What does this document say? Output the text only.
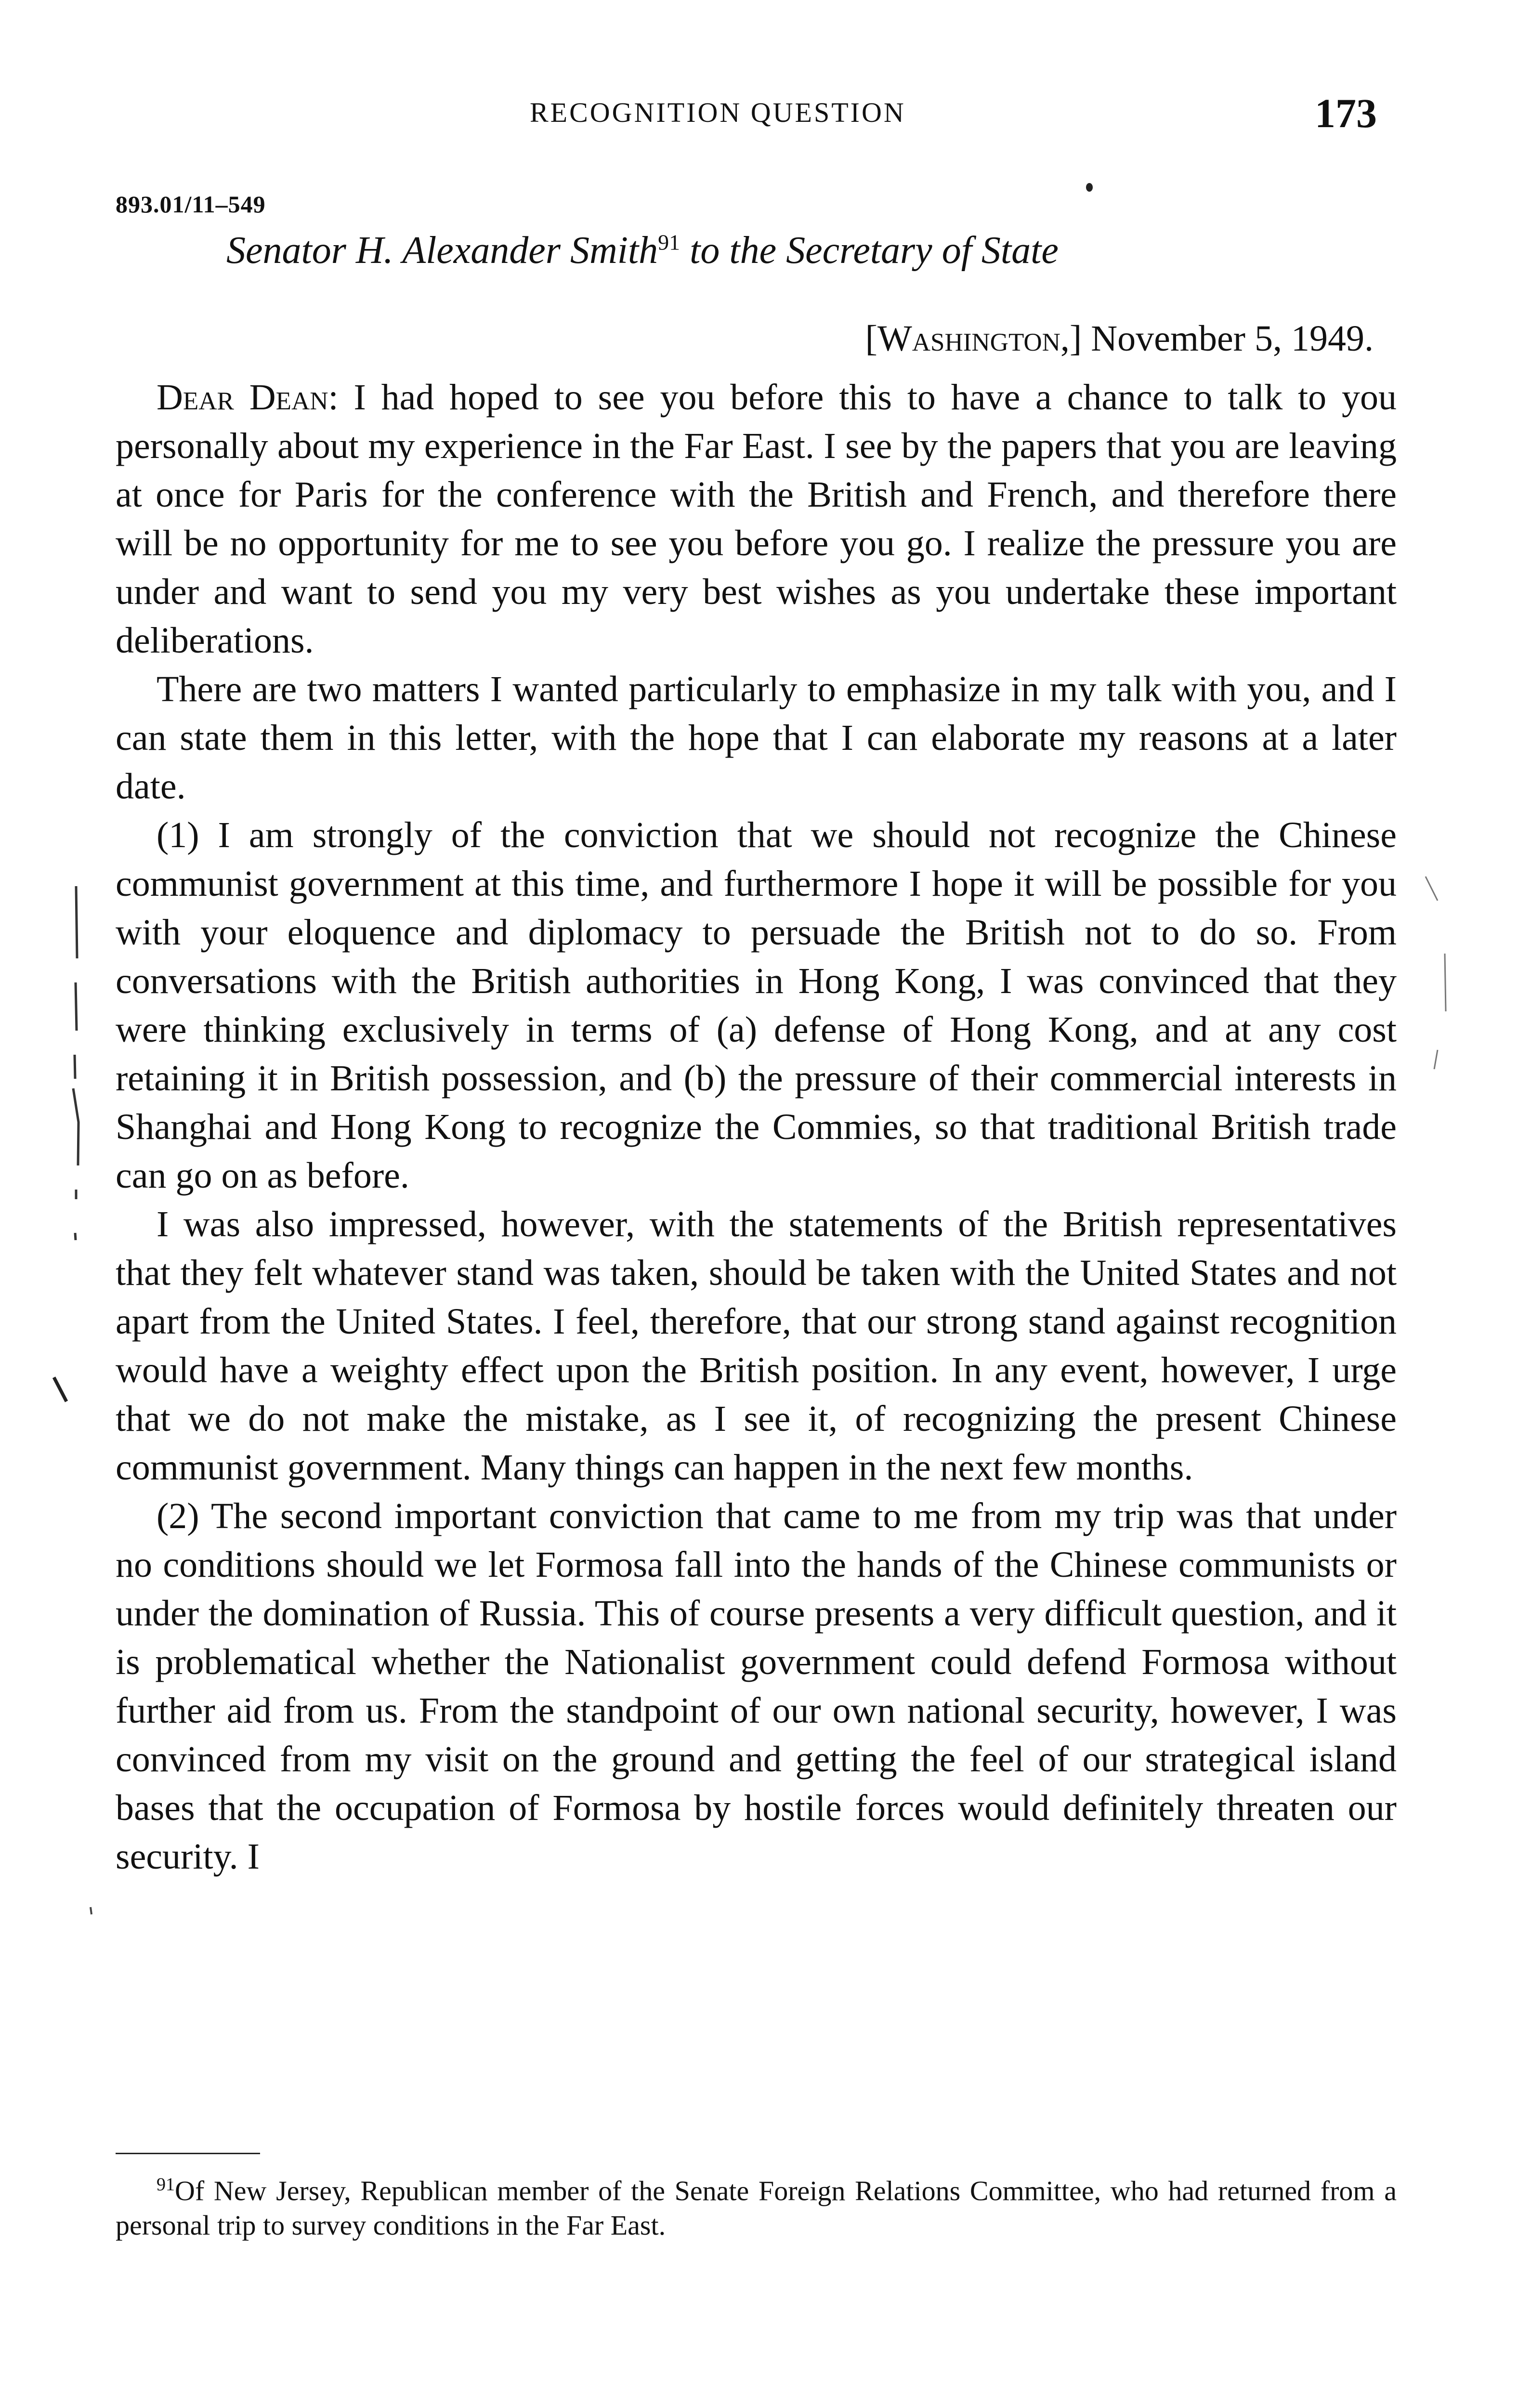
RECOGNITION QUESTION	173
893.01/11–549
Senator H. Alexander Smith$^{91}$ to the Secretary of State
[Washington,] November 5, 1949.

Dear Dean: I had hoped to see you before this to have a chance to talk to you personally about my experience in the Far East. I see by the papers that you are leaving at once for Paris for the conference with the British and French, and therefore there will be no opportunity for me to see you before you go. I realize the pressure you are under and want to send you my very best wishes as you undertake these important deliberations.

There are two matters I wanted particularly to emphasize in my talk with you, and I can state them in this letter, with the hope that I can elaborate my reasons at a later date.

(1) I am strongly of the conviction that we should not recognize the Chinese communist government at this time, and furthermore I hope it will be possible for you with your eloquence and diplomacy to persuade the British not to do so. From conversations with the British authorities in Hong Kong, I was convinced that they were thinking exclusively in terms of (a) defense of Hong Kong, and at any cost retaining it in British possession, and (b) the pressure of their commercial interests in Shanghai and Hong Kong to recognize the Commies, so that traditional British trade can go on as before.

I was also impressed, however, with the statements of the British representatives that they felt whatever stand was taken, should be taken with the United States and not apart from the United States. I feel, therefore, that our strong stand against recognition would have a weighty effect upon the British position. In any event, however, I urge that we do not make the mistake, as I see it, of recognizing the present Chinese communist government. Many things can happen in the next few months.

(2) The second important conviction that came to me from my trip was that under no conditions should we let Formosa fall into the hands of the Chinese communists or under the domination of Russia. This of course presents a very difficult question, and it is problematical whether the Nationalist government could defend Formosa without further aid from us. From the standpoint of our own national security, however, I was convinced from my visit on the ground and getting the feel of our strategical island bases that the occupation of Formosa by hostile forces would definitely threaten our security. I

$^{91}$Of New Jersey, Republican member of the Senate Foreign Relations Committee, who had returned from a personal trip to survey conditions in the Far East.
